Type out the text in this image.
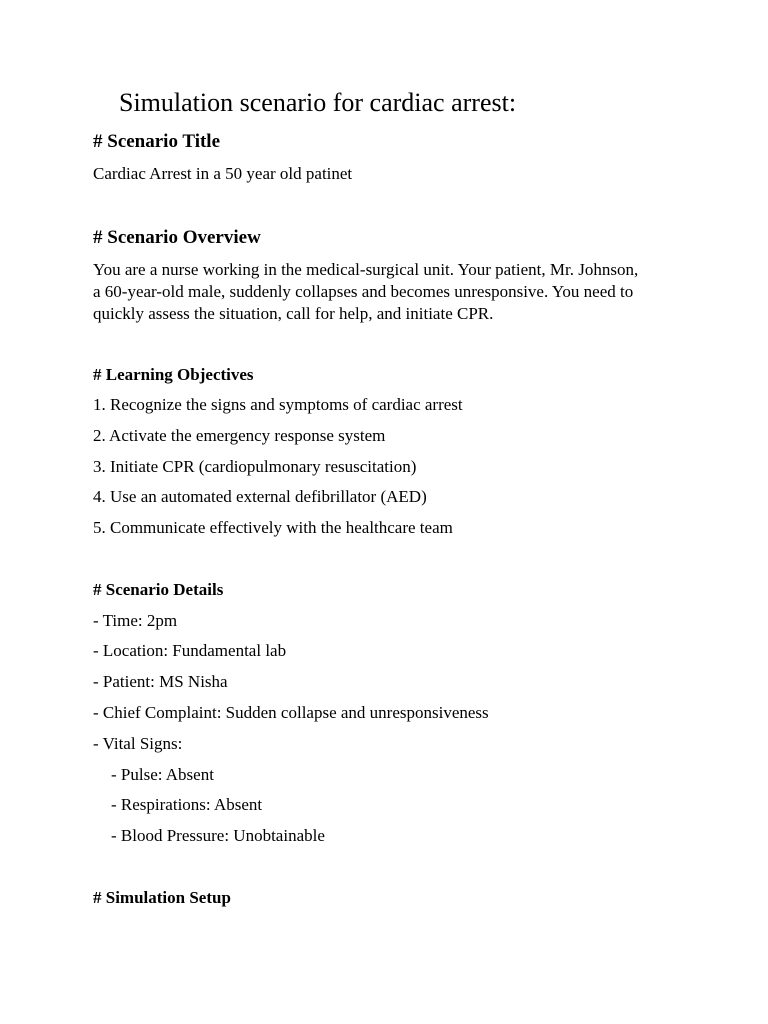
Simulation scenario for cardiac arrest:
# Scenario Title
Cardiac Arrest in a 50 year old patinet
# Scenario Overview
You are a nurse working in the medical-surgical unit. Your patient, Mr. Johnson,
a 60-year-old male, suddenly collapses and becomes unresponsive. You need to
quickly assess the situation, call for help, and initiate CPR.
# Learning Objectives
1. Recognize the signs and symptoms of cardiac arrest
2. Activate the emergency response system
3. Initiate CPR (cardiopulmonary resuscitation)
4. Use an automated external defibrillator (AED)
5. Communicate effectively with the healthcare team
# Scenario Details
- Time: 2pm
- Location: Fundamental lab
- Patient: MS Nisha
- Chief Complaint: Sudden collapse and unresponsiveness
- Vital Signs:
- Pulse: Absent
- Respirations: Absent
- Blood Pressure: Unobtainable
# Simulation Setup
